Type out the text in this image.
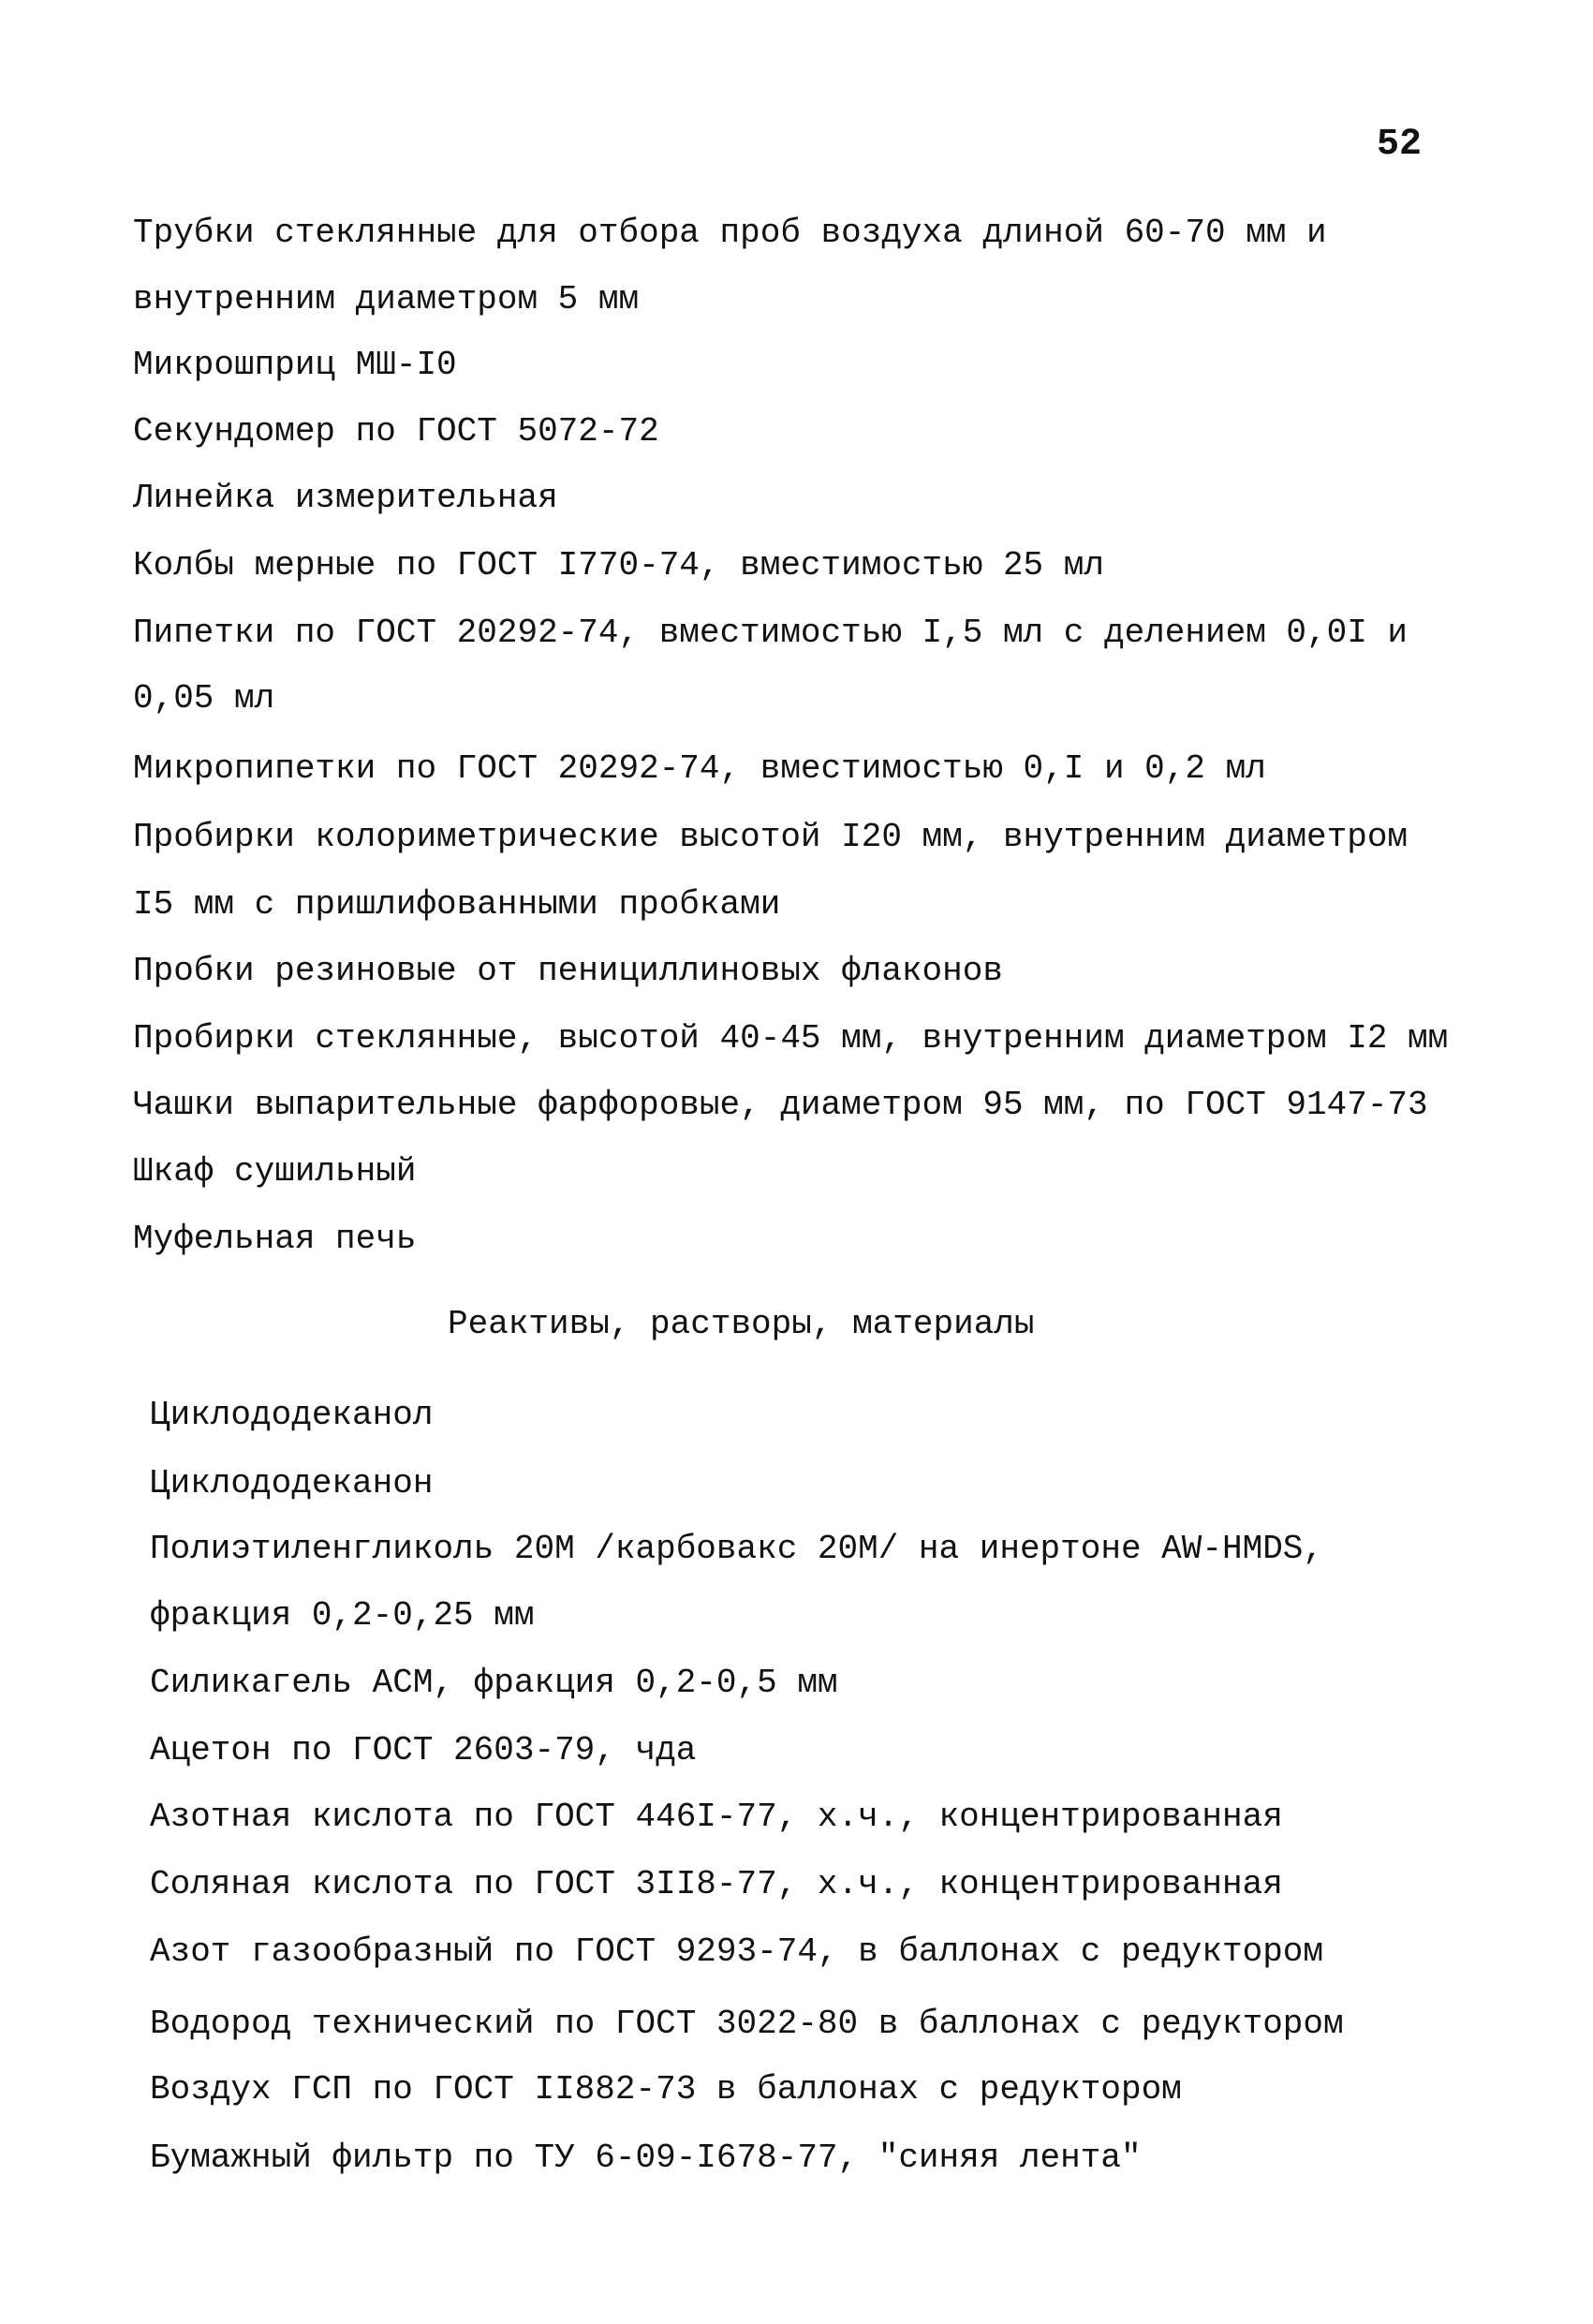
52
Трубки стеклянные для отбора проб воздуха длиной 60-70 мм и
внутренним диаметром 5 мм
Микрошприц МШ-I0
Секундомер по ГОСТ 5072-72
Линейка измерительная
Колбы мерные по ГОСТ I770-74, вместимостью 25 мл
Пипетки по ГОСТ 20292-74, вместимостью I,5 мл с делением 0,0I и
0,05 мл
Микропипетки по ГОСТ 20292-74, вместимостью 0,I и 0,2 мл
Пробирки колориметрические высотой I20 мм, внутренним диаметром
I5 мм с пришлифованными пробками
Пробки резиновые от пенициллиновых флаконов
Пробирки стеклянные, высотой 40-45 мм, внутренним диаметром I2 мм
Чашки выпарительные фарфоровые, диаметром 95 мм, по ГОСТ 9147-73
Шкаф сушильный
Муфельная печь
Реактивы, растворы, материалы
Циклододеканол
Циклододеканон
Полиэтиленгликоль 20М /карбовакс 20М/ на инертоне AW-HMDS,
фракция 0,2-0,25 мм
Силикагель АСМ, фракция 0,2-0,5 мм
Ацетон по ГОСТ 2603-79, чда
Азотная кислота по ГОСТ 446I-77, х.ч., концентрированная
Соляная кислота по ГОСТ 3II8-77, х.ч., концентрированная
Азот газообразный по ГОСТ 9293-74, в баллонах с редуктором
Водород технический по ГОСТ 3022-80 в баллонах с редуктором
Воздух ГСП по ГОСТ II882-73 в баллонах с редуктором
Бумажный фильтр по ТУ 6-09-I678-77, "синяя лента"
